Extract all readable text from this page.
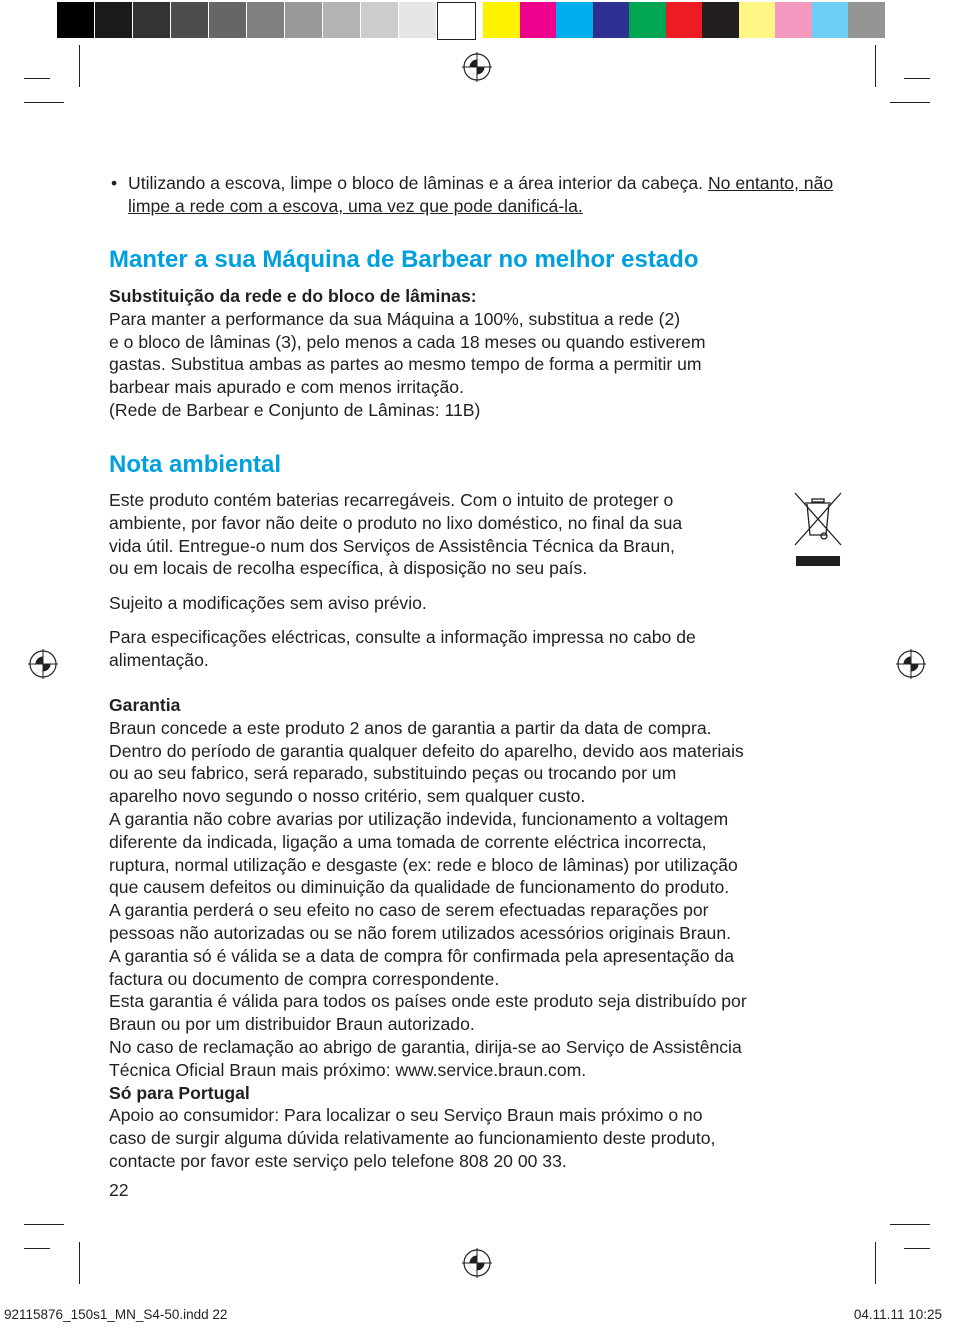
• Utilizando a escova, limpe o bloco de lâminas e a área interior da cabeça. No entanto, não limpe a rede com a escova, uma vez que pode danificá-la.
Manter a sua Máquina de Barbear no melhor estado

Substituição da rede e do bloco de lâminas:

Para manter a performance da sua Máquina a 100%, substitua a rede (2)

e o bloco de lâminas (3), pelo menos a cada 18 meses ou quando estiverem

gastas. Substitua ambas as partes ao mesmo tempo de forma a permitir um

barbear mais apurado e com menos irritação.

(Rede de Barbear e Conjunto de Lâminas: 11B)

Nota ambiental

Este produto contém baterias recarregáveis. Com o intuito de proteger o

ambiente, por favor não deite o produto no lixo doméstico, no final da sua

vida útil. Entregue-o num dos Serviços de Assistência Técnica da Braun,

ou em locais de recolha específica, à disposição no seu país.

Sujeito a modificações sem aviso prévio.

Para especificações eléctricas, consulte a informação impressa no cabo de

alimentação.

Garantia

Braun concede a este produto 2 anos de garantia a partir da data de compra.

Dentro do período de garantia qualquer defeito do aparelho, devido aos materiais

ou ao seu fabrico, será reparado, substituindo peças ou trocando por um

aparelho novo segundo o nosso critério, sem qualquer custo.

A garantia não cobre avarias por utilização indevida, funcionamento a voltagem

diferente da indicada, ligação a uma tomada de corrente eléctrica incorrecta,

ruptura, normal utilização e desgaste (ex: rede e bloco de lâminas) por utilização

que causem defeitos ou diminuição da qualidade de funcionamento do produto.

A garantia perderá o seu efeito no caso de serem efectuadas reparações por

pessoas não autorizadas ou se não forem utilizados acessórios originais Braun.

A garantia só é válida se a data de compra fôr confirmada pela apresentação da

factura ou documento de compra correspondente.

Esta garantia é válida para todos os países onde este produto seja distribuído por

Braun ou por um distribuidor Braun autorizado.

No caso de reclamação ao abrigo de garantia, dirija-se ao Serviço de Assistência

Técnica Oficial Braun mais próximo: www.service.braun.com.

Só para Portugal

Apoio ao consumidor: Para localizar o seu Serviço Braun mais próximo o no

caso de surgir alguma dúvida relativamente ao funcionamiento deste produto,

contacte por favor este serviço pelo telefone 808 20 00 33.

22
92115876_150s1_MN_S4-50.indd 22	04.11.11 10:25
